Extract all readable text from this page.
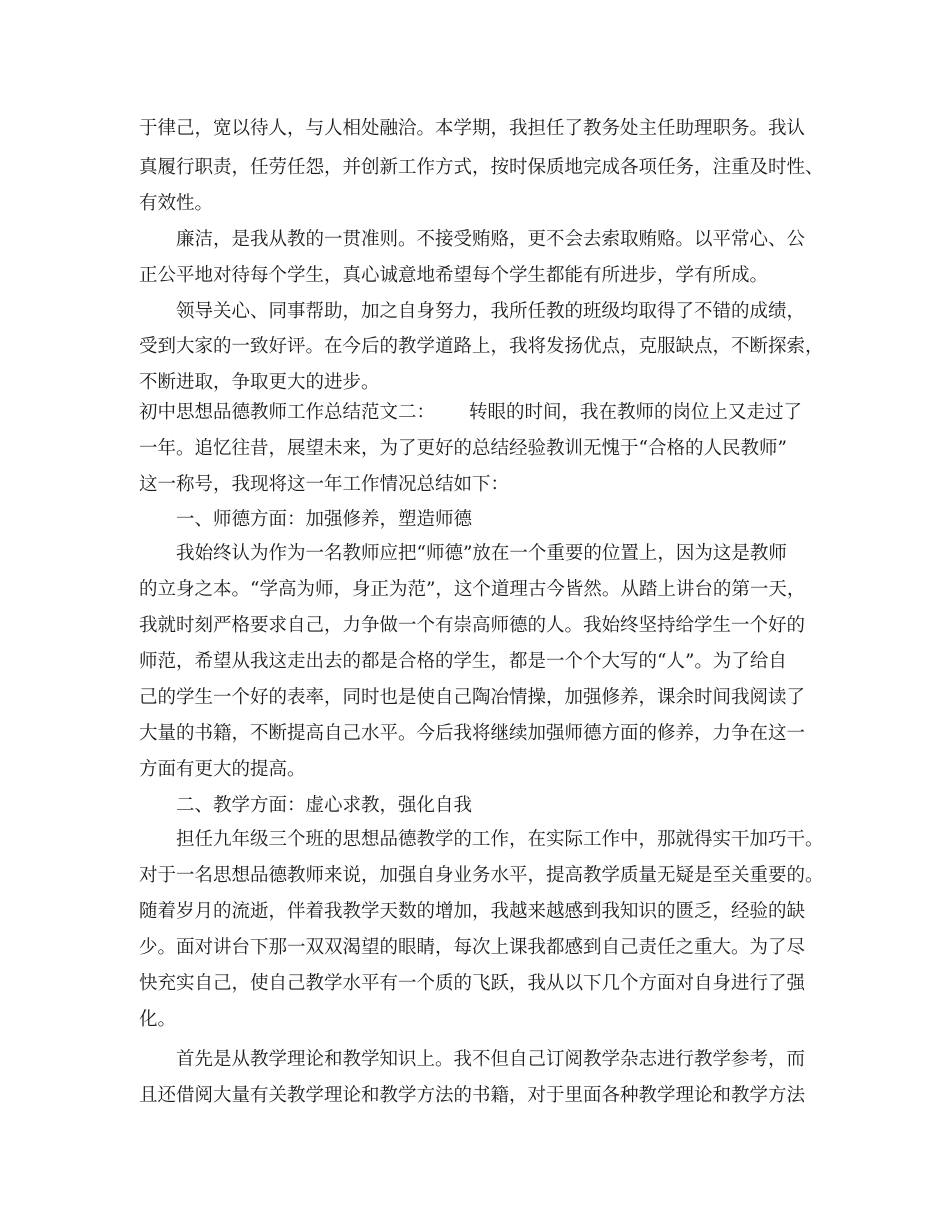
于律己，宽以待人，与人相处融洽。本学期，我担任了教务处主任助理职务。我认
真履行职责，任劳任怨，并创新工作方式，按时保质地完成各项任务，注重及时性、
有效性。
廉洁，是我从教的一贯准则。不接受贿赂，更不会去索取贿赂。以平常心、公
正公平地对待每个学生，真心诚意地希望每个学生都能有所进步，学有所成。
领导关心、同事帮助，加之自身努力，我所任教的班级均取得了不错的成绩，
受到大家的一致好评。在今后的教学道路上，我将发扬优点，克服缺点，不断探索，
不断进取，争取更大的进步。
初中思想品德教师工作总结范文二： 转眼的时间，我在教师的岗位上又走过了
一年。追忆往昔，展望未来，为了更好的总结经验教训无愧于“合格的人民教师”
这一称号，我现将这一年工作情况总结如下：
一、师德方面：加强修养，塑造师德
我始终认为作为一名教师应把“师德”放在一个重要的位置上，因为这是教师
的立身之本。“学高为师，身正为范”，这个道理古今皆然。从踏上讲台的第一天，
我就时刻严格要求自己，力争做一个有崇高师德的人。我始终坚持给学生一个好的
师范，希望从我这走出去的都是合格的学生，都是一个个大写的“人”。为了给自
己的学生一个好的表率，同时也是使自己陶冶情操，加强修养，课余时间我阅读了
大量的书籍，不断提高自己水平。今后我将继续加强师德方面的修养，力争在这一
方面有更大的提高。
二、教学方面：虚心求教，强化自我
担任九年级三个班的思想品德教学的工作，在实际工作中，那就得实干加巧干。
对于一名思想品德教师来说，加强自身业务水平，提高教学质量无疑是至关重要的。
随着岁月的流逝，伴着我教学天数的增加，我越来越感到我知识的匮乏，经验的缺
少。面对讲台下那一双双渴望的眼睛，每次上课我都感到自己责任之重大。为了尽
快充实自己，使自己教学水平有一个质的飞跃，我从以下几个方面对自身进行了强
化。
首先是从教学理论和教学知识上。我不但自己订阅教学杂志进行教学参考，而
且还借阅大量有关教学理论和教学方法的书籍，对于里面各种教学理论和教学方法
